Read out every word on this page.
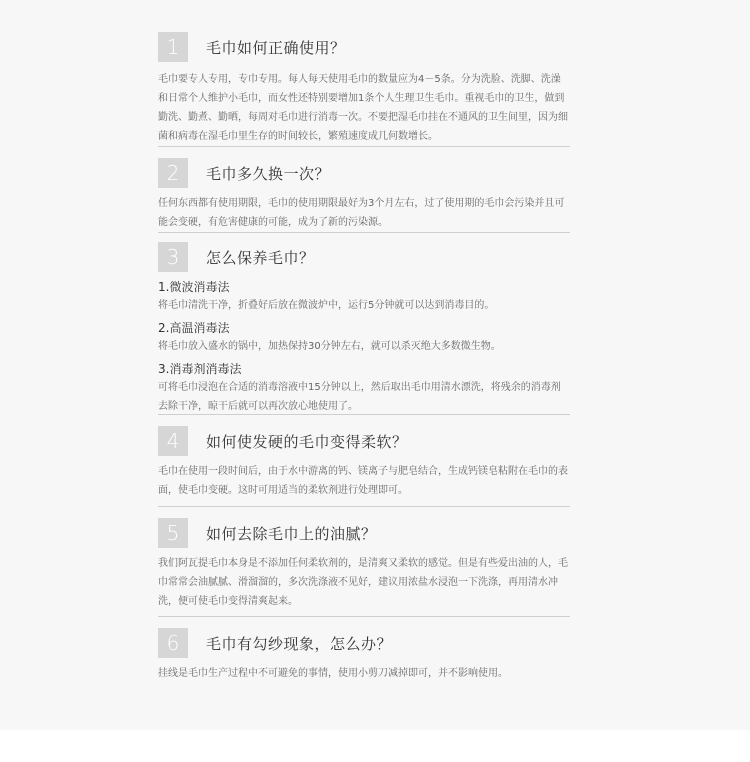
1	毛巾如何正确使用？
毛巾要专人专用，专巾专用。每人每天使用毛巾的数量应为4－5条。分为洗脸、洗脚、洗澡和日常个人维护小毛巾，而女性还特别要增加1条个人生理卫生毛巾。重视毛巾的卫生，做到勤洗、勤煮、勤晒，每周对毛巾进行消毒一次。不要把湿毛巾挂在不通风的卫生间里，因为细菌和病毒在湿毛巾里生存的时间较长，繁殖速度成几何数增长。
2	毛巾多久换一次？
任何东西都有使用期限，毛巾的使用期限最好为3个月左右，过了使用期的毛巾会污染并且可能会变硬，有危害健康的可能，成为了新的污染源。
3	怎么保养毛巾？
1.微波消毒法
将毛巾清洗干净，折叠好后放在微波炉中，运行5分钟就可以达到消毒目的。
2.高温消毒法
将毛巾放入盛水的锅中，加热保持30分钟左右，就可以杀灭绝大多数微生物。
3.消毒剂消毒法
可将毛巾浸泡在合适的消毒溶液中15分钟以上，然后取出毛巾用清水漂洗，将残余的消毒剂去除干净，晾干后就可以再次放心地使用了。
4	如何使发硬的毛巾变得柔软？
毛巾在使用一段时间后，由于水中游离的钙、镁离子与肥皂结合，生成钙镁皂粘附在毛巾的表面，使毛巾变硬。这时可用适当的柔软剂进行处理即可。
5	如何去除毛巾上的油腻？
我们阿瓦提毛巾本身是不添加任何柔软剂的，是清爽又柔软的感觉。但是有些爱出油的人，毛巾常常会油腻腻、滑溜溜的，多次洗涤液不见好，建议用浓盐水浸泡一下洗涤，再用清水冲洗，便可使毛巾变得清爽起来。
6	毛巾有勾纱现象，怎么办？
挂线是毛巾生产过程中不可避免的事情，使用小剪刀减掉即可，并不影响使用。
